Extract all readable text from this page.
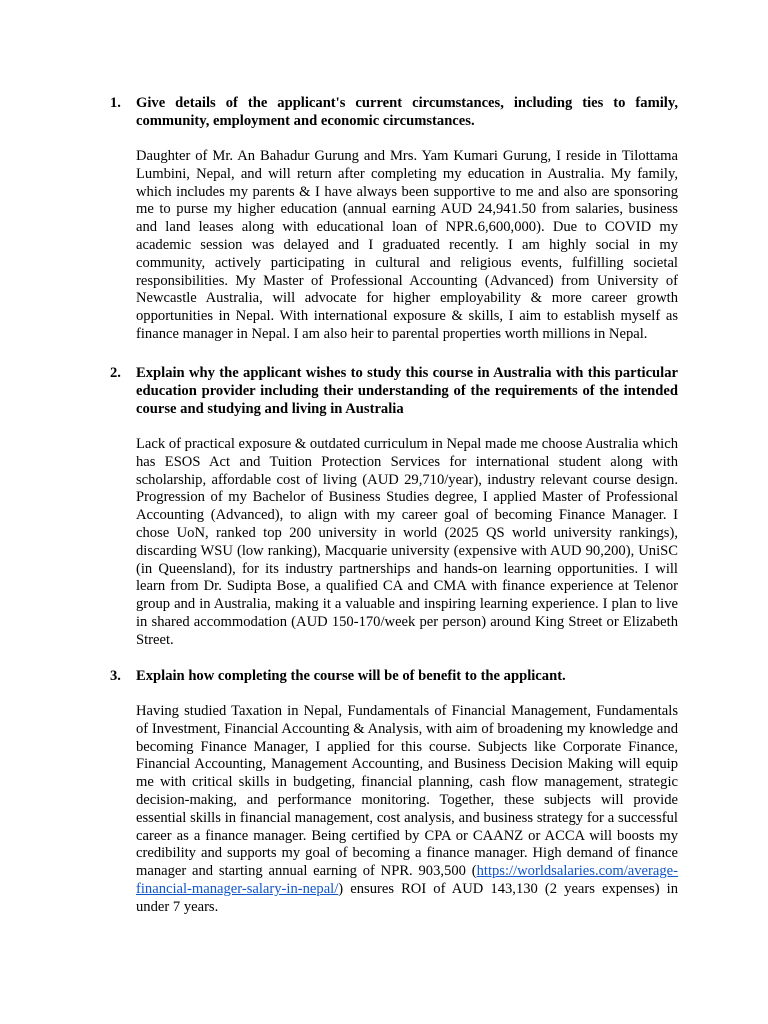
1. Give details of the applicant's current circumstances, including ties to family, community, employment and economic circumstances.

Daughter of Mr. An Bahadur Gurung and Mrs. Yam Kumari Gurung, I reside in Tilottama Lumbini, Nepal, and will return after completing my education in Australia. My family, which includes my parents & I have always been supportive to me and also are sponsoring me to purse my higher education (annual earning AUD 24,941.50 from salaries, business and land leases along with educational loan of NPR.6,600,000). Due to COVID my academic session was delayed and I graduated recently. I am highly social in my community, actively participating in cultural and religious events, fulfilling societal responsibilities. My Master of Professional Accounting (Advanced) from University of Newcastle Australia, will advocate for higher employability & more career growth opportunities in Nepal. With international exposure & skills, I aim to establish myself as finance manager in Nepal. I am also heir to parental properties worth millions in Nepal.

2. Explain why the applicant wishes to study this course in Australia with this particular education provider including their understanding of the requirements of the intended course and studying and living in Australia

Lack of practical exposure & outdated curriculum in Nepal made me choose Australia which has ESOS Act and Tuition Protection Services for international student along with scholarship, affordable cost of living (AUD 29,710/year), industry relevant course design. Progression of my Bachelor of Business Studies degree, I applied Master of Professional Accounting (Advanced), to align with my career goal of becoming Finance Manager. I chose UoN, ranked top 200 university in world (2025 QS world university rankings), discarding WSU (low ranking), Macquarie university (expensive with AUD 90,200), UniSC (in Queensland), for its industry partnerships and hands-on learning opportunities. I will learn from Dr. Sudipta Bose, a qualified CA and CMA with finance experience at Telenor group and in Australia, making it a valuable and inspiring learning experience. I plan to live in shared accommodation (AUD 150-170/week per person) around King Street or Elizabeth Street.

3. Explain how completing the course will be of benefit to the applicant.

Having studied Taxation in Nepal, Fundamentals of Financial Management, Fundamentals of Investment, Financial Accounting & Analysis, with aim of broadening my knowledge and becoming Finance Manager, I applied for this course. Subjects like Corporate Finance, Financial Accounting, Management Accounting, and Business Decision Making will equip me with critical skills in budgeting, financial planning, cash flow management, strategic decision-making, and performance monitoring. Together, these subjects will provide essential skills in financial management, cost analysis, and business strategy for a successful career as a finance manager. Being certified by CPA or CAANZ or ACCA will boosts my credibility and supports my goal of becoming a finance manager. High demand of finance manager and starting annual earning of NPR. 903,500 (https://worldsalaries.com/average-financial-manager-salary-in-nepal/) ensures ROI of AUD 143,130 (2 years expenses) in under 7 years.
